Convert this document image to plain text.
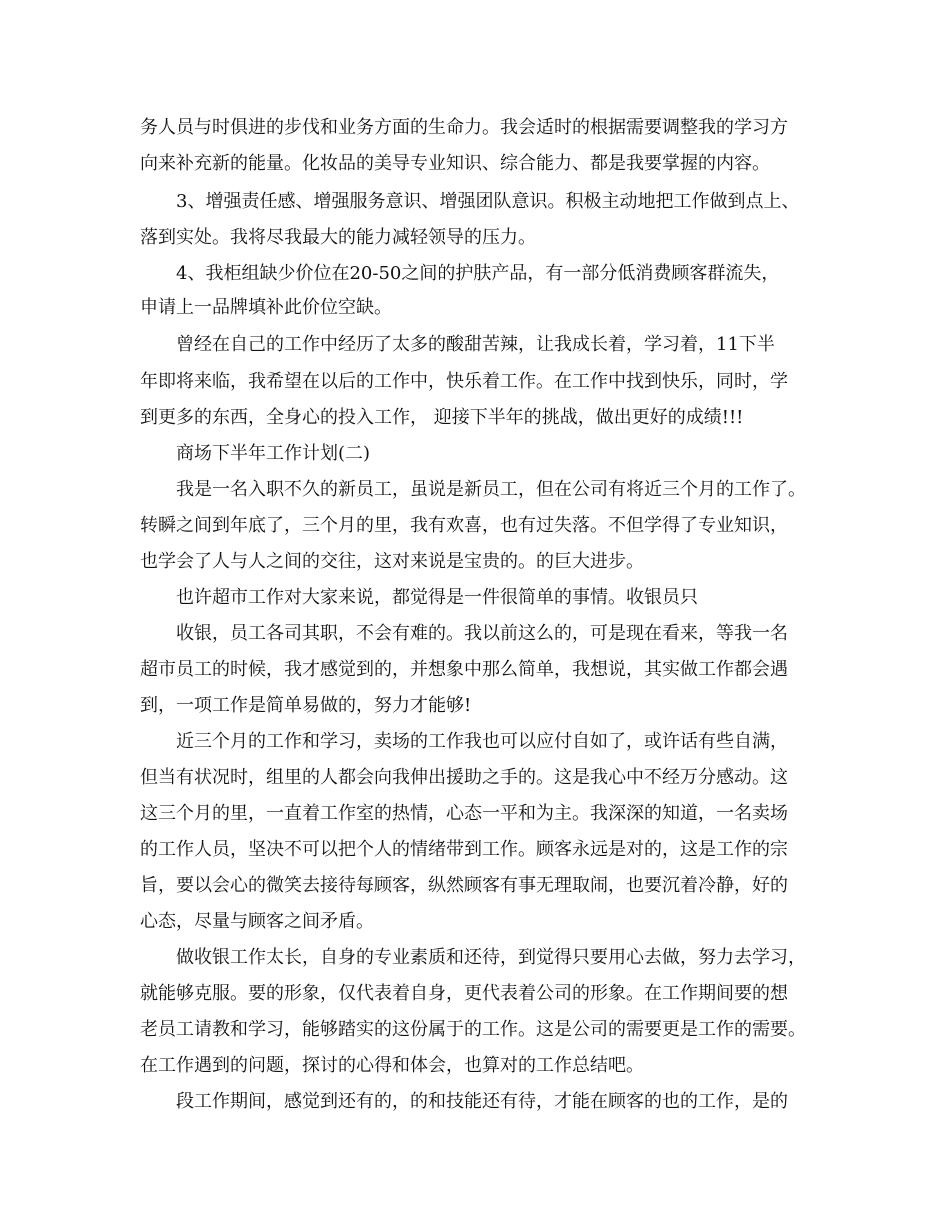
务人员与时俱进的步伐和业务方面的生命力。我会适时的根据需要调整我的学习方
向来补充新的能量。化妆品的美导专业知识、综合能力、都是我要掌握的内容。
3、增强责任感、增强服务意识、增强团队意识。积极主动地把工作做到点上、
落到实处。我将尽我最大的能力减轻领导的压力。
4、我柜组缺少价位在20-50之间的护肤产品，有一部分低消费顾客群流失，
申请上一品牌填补此价位空缺。
曾经在自己的工作中经历了太多的酸甜苦辣，让我成长着，学习着，11下半
年即将来临，我希望在以后的工作中，快乐着工作。在工作中找到快乐，同时，学
到更多的东西，全身心的投入工作， 迎接下半年的挑战，做出更好的成绩!!!
商场下半年工作计划(二)
我是一名入职不久的新员工，虽说是新员工，但在公司有将近三个月的工作了。
转瞬之间到年底了，三个月的里，我有欢喜，也有过失落。不但学得了专业知识，
也学会了人与人之间的交往，这对来说是宝贵的。的巨大进步。
也许超市工作对大家来说，都觉得是一件很简单的事情。收银员只
收银，员工各司其职，不会有难的。我以前这么的，可是现在看来，等我一名
超市员工的时候，我才感觉到的，并想象中那么简单，我想说，其实做工作都会遇
到，一项工作是简单易做的，努力才能够!
近三个月的工作和学习，卖场的工作我也可以应付自如了，或许话有些自满，
但当有状况时，组里的人都会向我伸出援助之手的。这是我心中不经万分感动。这
这三个月的里，一直着工作室的热情，心态一平和为主。我深深的知道，一名卖场
的工作人员，坚决不可以把个人的情绪带到工作。顾客永远是对的，这是工作的宗
旨，要以会心的微笑去接待每顾客，纵然顾客有事无理取闹，也要沉着冷静，好的
心态，尽量与顾客之间矛盾。
做收银工作太长，自身的专业素质和还待，到觉得只要用心去做，努力去学习，
就能够克服。要的形象，仅代表着自身，更代表着公司的形象。在工作期间要的想
老员工请教和学习，能够踏实的这份属于的工作。这是公司的需要更是工作的需要。
在工作遇到的问题，探讨的心得和体会，也算对的工作总结吧。
段工作期间，感觉到还有的，的和技能还有待，才能在顾客的也的工作，是的
